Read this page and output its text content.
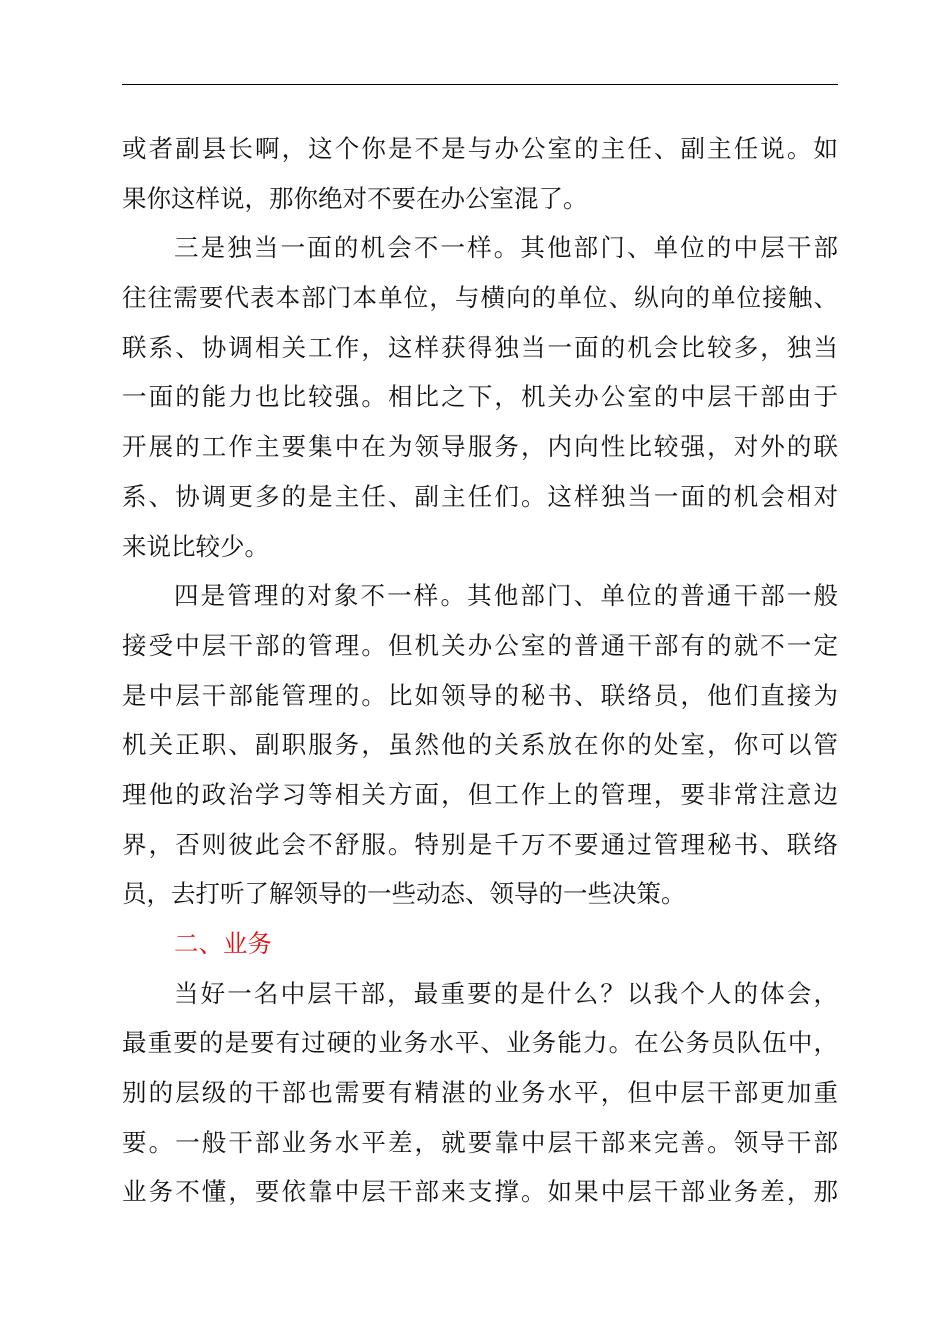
或者副县长啊，这个你是不是与办公室的主任、副主任说。如
果你这样说，那你绝对不要在办公室混了。
三是独当一面的机会不一样。其他部门、单位的中层干部
往往需要代表本部门本单位，与横向的单位、纵向的单位接触、
联系、协调相关工作，这样获得独当一面的机会比较多，独当
一面的能力也比较强。相比之下，机关办公室的中层干部由于
开展的工作主要集中在为领导服务，内向性比较强，对外的联
系、协调更多的是主任、副主任们。这样独当一面的机会相对
来说比较少。
四是管理的对象不一样。其他部门、单位的普通干部一般
接受中层干部的管理。但机关办公室的普通干部有的就不一定
是中层干部能管理的。比如领导的秘书、联络员，他们直接为
机关正职、副职服务，虽然他的关系放在你的处室，你可以管
理他的政治学习等相关方面，但工作上的管理，要非常注意边
界，否则彼此会不舒服。特别是千万不要通过管理秘书、联络
员，去打听了解领导的一些动态、领导的一些决策。
二、业务
当好一名中层干部，最重要的是什么？以我个人的体会，
最重要的是要有过硬的业务水平、业务能力。在公务员队伍中，
别的层级的干部也需要有精湛的业务水平，但中层干部更加重
要。一般干部业务水平差，就要靠中层干部来完善。领导干部
业务不懂，要依靠中层干部来支撑。如果中层干部业务差，那
